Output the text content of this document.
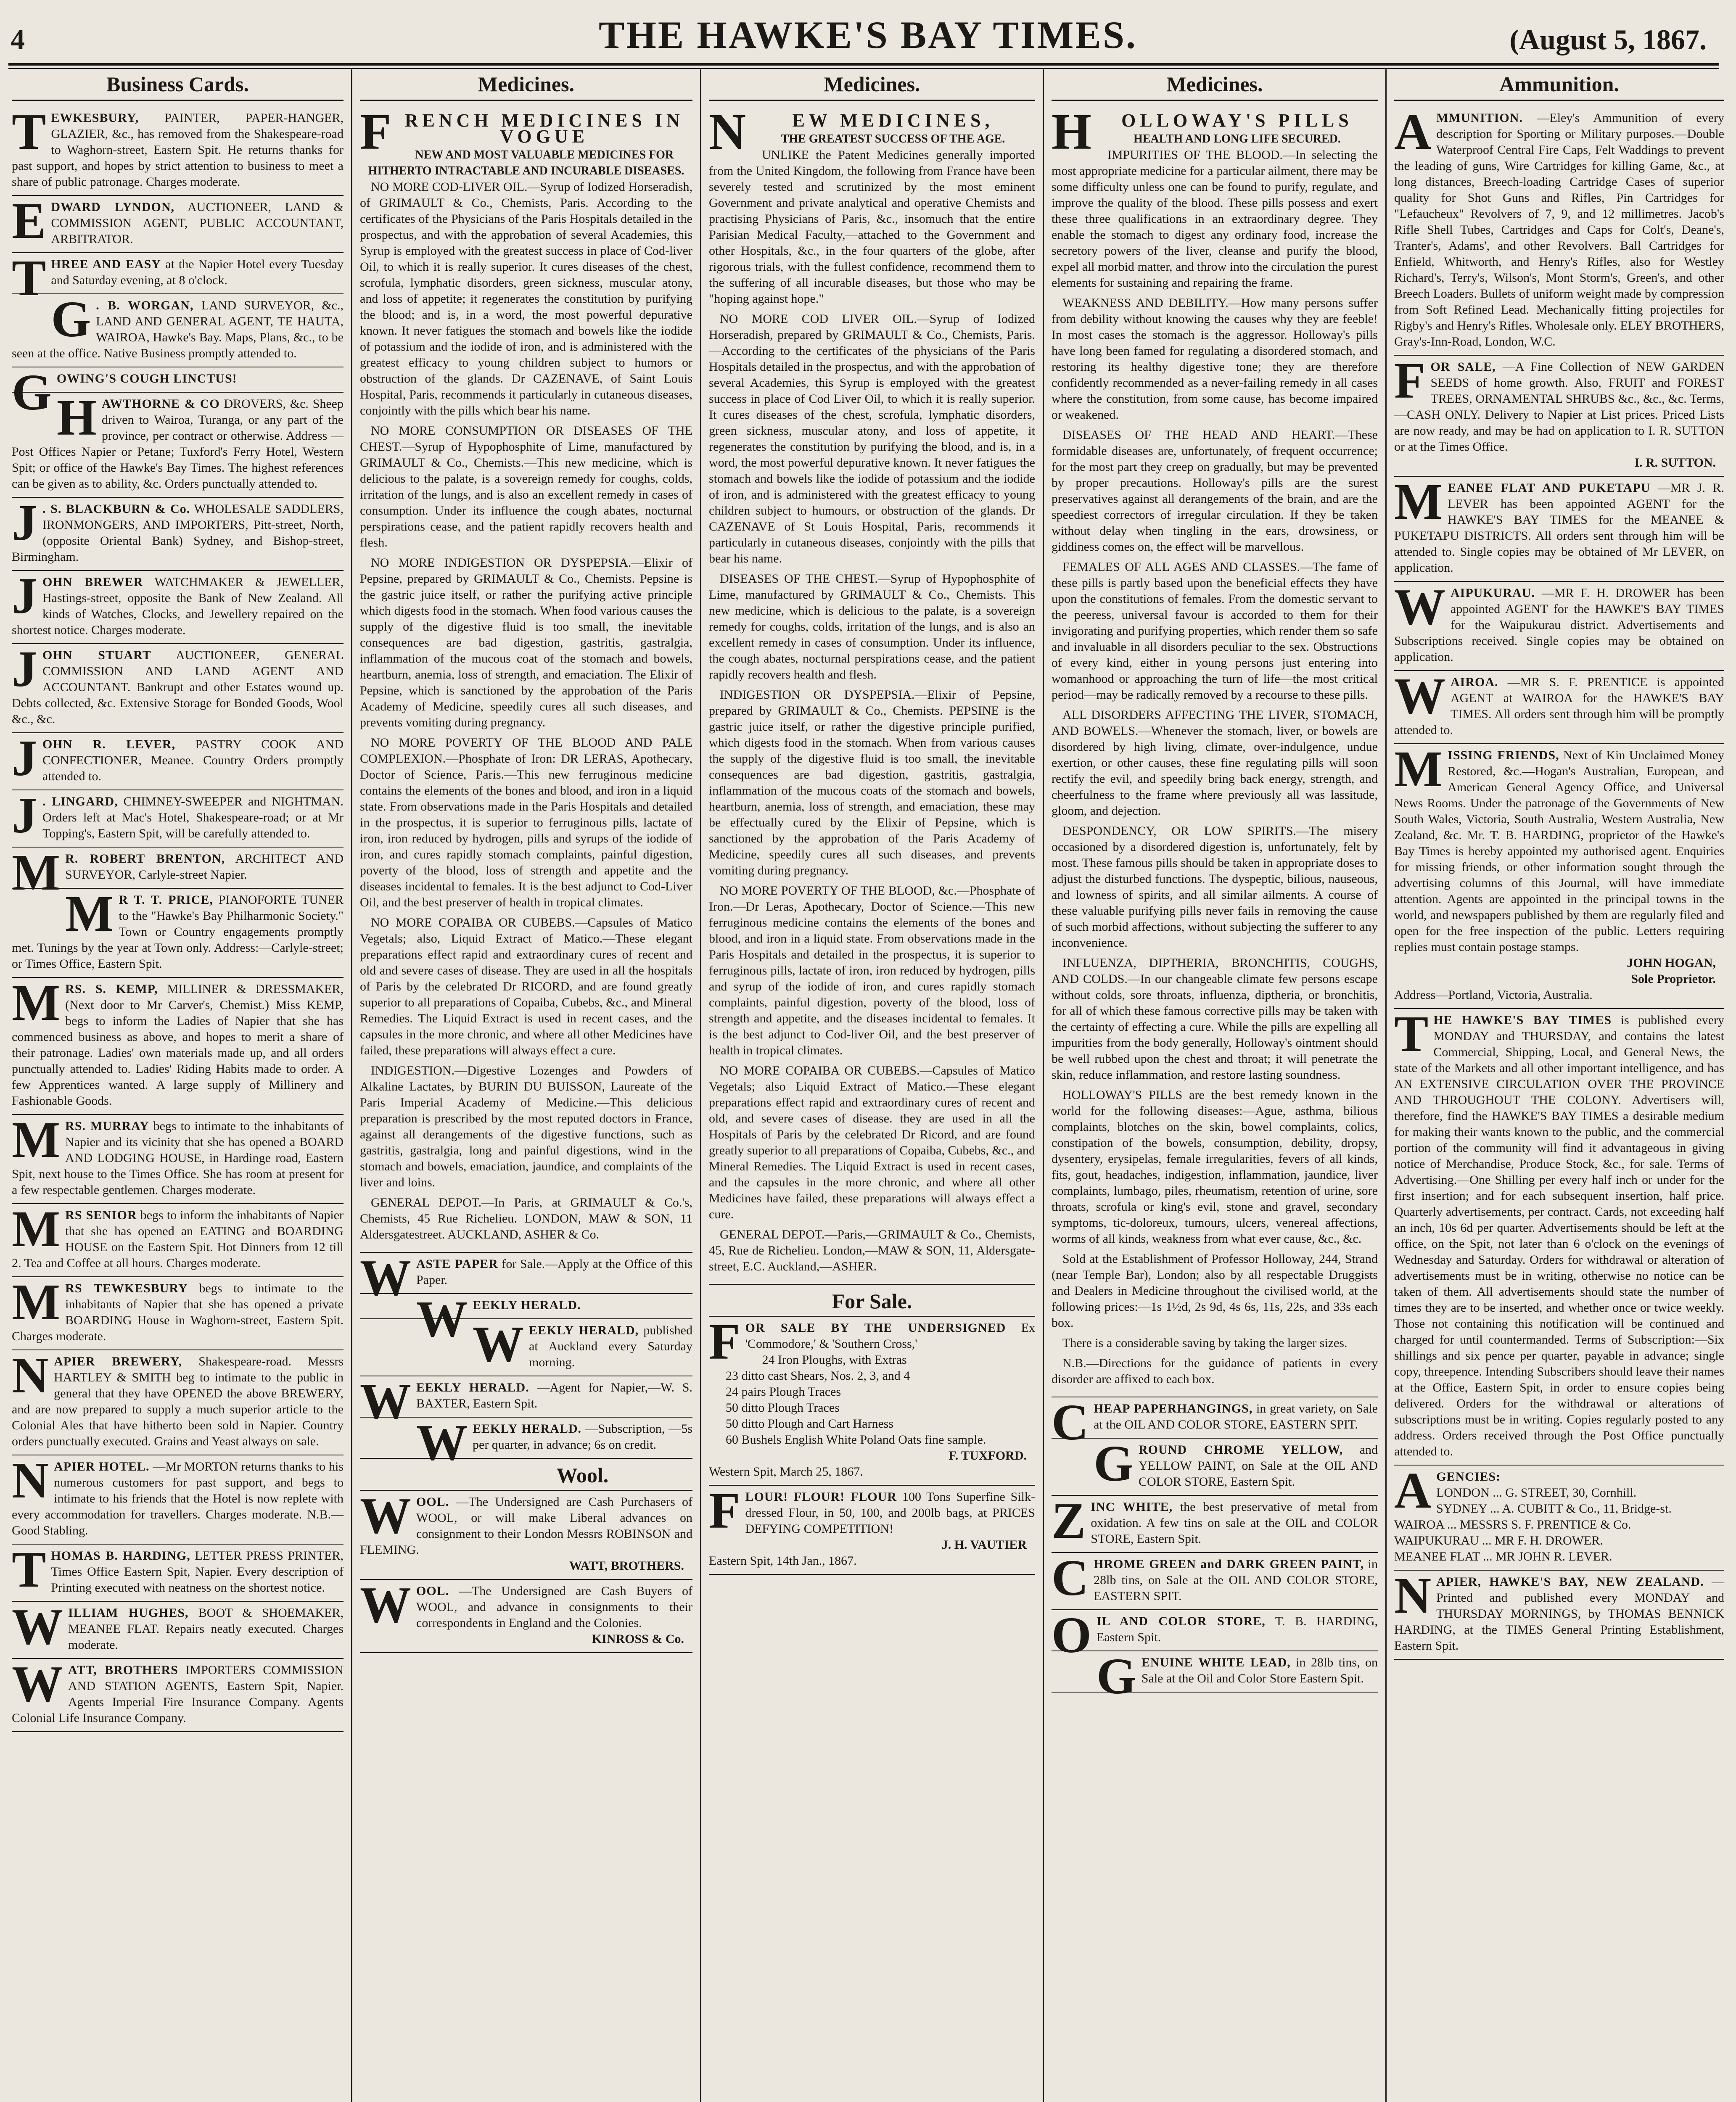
4	THE HAWKE'S BAY TIMES.	(August 5, 1867.
Business Cards.
TEWKESBURY, PAINTER, PAPER-HANGER, GLAZIER, &c., has removed from the Shakespeare-road to Waghorn-street, Eastern Spit. He returns thanks for past support, and hopes by strict attention to business to meet a share of public patronage. Charges moderate.
EDWARD LYNDON, AUCTIONEER, LAND & COMMISSION AGENT, PUBLIC ACCOUNTANT, ARBITRATOR.
THREE AND EASY at the Napier Hotel every Tuesday and Saturday evening, at 8 o'clock.
G . B. WORGAN, LAND SURVEYOR, &c., LAND AND GENERAL AGENT, TE HAUTA, WAIROA, Hawke's Bay. Maps, Plans, &c., to be seen at the office. Native Business promptly attended to.
GOWING'S COUGH LINCTUS!
HAWTHORNE & CO DROVERS, &c. Sheep driven to Wairoa, Turanga, or any part of the province, per contract or otherwise. Address —Post Offices Napier or Petane; Tuxford's Ferry Hotel, Western Spit; or office of the Hawke's Bay Times. The highest references can be given as to ability, &c. Orders punctually attended to.
J . S. BLACKBURN & Co. WHOLESALE SADDLERS, IRONMONGERS, AND IMPORTERS, Pitt-street, North, (opposite Oriental Bank) Sydney, and Bishop-street, Birmingham.
JOHN BREWER WATCHMAKER & JEWELLER, Hastings-street, opposite the Bank of New Zealand. All kinds of Watches, Clocks, and Jewellery repaired on the shortest notice. Charges moderate.
JOHN STUART AUCTIONEER, GENERAL COMMISSION AND LAND AGENT AND ACCOUNTANT. Bankrupt and other Estates wound up. Debts collected, &c. Extensive Storage for Bonded Goods, Wool &c., &c.
JOHN R. LEVER, PASTRY COOK AND CONFECTIONER, Meanee. Country Orders promptly attended to.
J . LINGARD, CHIMNEY-SWEEPER and NIGHTMAN. Orders left at Mac's Hotel, Shakespeare-road; or at Mr Topping's, Eastern Spit, will be carefully attended to.
M R. ROBERT BRENTON, ARCHITECT AND SURVEYOR, Carlyle-street Napier.
M R T. T. PRICE, PIANOFORTE TUNER to the "Hawke's Bay Philharmonic Society." Town or Country engagements promptly met. Tunings by the year at Town only. Address:—Carlyle-street; or Times Office, Eastern Spit.
MRS. S. KEMP, MILLINER & DRESSMAKER, (Next door to Mr Carver's, Chemist.) Miss KEMP, begs to inform the Ladies of Napier that she has commenced business as above, and hopes to merit a share of their patronage. Ladies' own materials made up, and all orders punctually attended to. Ladies' Riding Habits made to order. A few Apprentices wanted. A large supply of Millinery and Fashionable Goods.
MRS. MURRAY begs to intimate to the inhabitants of Napier and its vicinity that she has opened a BOARD AND LODGING HOUSE, in Hardinge road, Eastern Spit, next house to the Times Office. She has room at present for a few respectable gentlemen. Charges moderate.
MRS SENIOR begs to inform the inhabitants of Napier that she has opened an EATING and BOARDING HOUSE on the Eastern Spit. Hot Dinners from 12 till 2. Tea and Coffee at all hours. Charges moderate.
MRS TEWKESBURY begs to intimate to the inhabitants of Napier that she has opened a private BOARDING House in Waghorn-street, Eastern Spit. Charges moderate.
NAPIER BREWERY, Shakespeare-road. Messrs HARTLEY & SMITH beg to intimate to the public in general that they have OPENED the above BREWERY, and are now prepared to supply a much superior article to the Colonial Ales that have hitherto been sold in Napier. Country orders punctually executed. Grains and Yeast always on sale.
NAPIER HOTEL. —Mr MORTON returns thanks to his numerous customers for past support, and begs to intimate to his friends that the Hotel is now replete with every accommodation for travellers. Charges moderate. N.B.—Good Stabling.
THOMAS B. HARDING, LETTER PRESS PRINTER, Times Office Eastern Spit, Napier. Every description of Printing executed with neatness on the shortest notice.
WILLIAM HUGHES, BOOT & SHOEMAKER, MEANEE FLAT. Repairs neatly executed. Charges moderate.
WATT, BROTHERS IMPORTERS COMMISSION AND STATION AGENTS, Eastern Spit, Napier. Agents Imperial Fire Insurance Company. Agents Colonial Life Insurance Company.
Medicines.
F RENCH MEDICINES IN VOGUE
NEW AND MOST VALUABLE MEDICINES FOR HITHERTO INTRACTABLE AND INCURABLE DISEASES.

NO MORE COD-LIVER OIL.—Syrup of Iodized Horseradish, of GRIMAULT & Co., Chemists, Paris. According to the certificates of the Physicians of the Paris Hospitals detailed in the prospectus, and with the approbation of several Academies, this Syrup is employed with the greatest success in place of Cod-liver Oil, to which it is really superior. It cures diseases of the chest, scrofula, lymphatic disorders, green sickness, muscular atony, and loss of appetite; it regenerates the constitution by purifying the blood; and is, in a word, the most powerful depurative known. It never fatigues the stomach and bowels like the iodide of potassium and the iodide of iron, and is administered with the greatest efficacy to young children subject to humors or obstruction of the glands. Dr CAZENAVE, of Saint Louis Hospital, Paris, recommends it particularly in cutaneous diseases, conjointly with the pills which bear his name.

NO MORE CONSUMPTION OR DISEASES OF THE CHEST.—Syrup of Hypophosphite of Lime, manufactured by GRIMAULT & Co., Chemists.—This new medicine, which is delicious to the palate, is a sovereign remedy for coughs, colds, irritation of the lungs, and is also an excellent remedy in cases of consumption. Under its influence the cough abates, nocturnal perspirations cease, and the patient rapidly recovers health and flesh.

NO MORE INDIGESTION OR DYSPEPSIA.—Elixir of Pepsine, prepared by GRIMAULT & Co., Chemists. Pepsine is the gastric juice itself, or rather the purifying active principle which digests food in the stomach. When food various causes the supply of the digestive fluid is too small, the inevitable consequences are bad digestion, gastritis, gastralgia, inflammation of the mucous coat of the stomach and bowels, heartburn, anemia, loss of strength, and emaciation. The Elixir of Pepsine, which is sanctioned by the approbation of the Paris Academy of Medicine, speedily cures all such diseases, and prevents vomiting during pregnancy.

NO MORE POVERTY OF THE BLOOD AND PALE COMPLEXION.—Phosphate of Iron: DR LERAS, Apothecary, Doctor of Science, Paris.—This new ferruginous medicine contains the elements of the bones and blood, and iron in a liquid state. From observations made in the Paris Hospitals and detailed in the prospectus, it is superior to ferruginous pills, lactate of iron, iron reduced by hydrogen, pills and syrups of the iodide of iron, and cures rapidly stomach complaints, painful digestion, poverty of the blood, loss of strength and appetite and the diseases incidental to females. It is the best adjunct to Cod-Liver Oil, and the best preserver of health in tropical climates.

NO MORE COPAIBA OR CUBEBS.—Capsules of Matico Vegetals; also, Liquid Extract of Matico.—These elegant preparations effect rapid and extraordinary cures of recent and old and severe cases of disease. They are used in all the hospitals of Paris by the celebrated Dr RICORD, and are found greatly superior to all preparations of Copaiba, Cubebs, &c., and Mineral Remedies. The Liquid Extract is used in recent cases, and the capsules in the more chronic, and where all other Medicines have failed, these preparations will always effect a cure.

INDIGESTION.—Digestive Lozenges and Powders of Alkaline Lactates, by BURIN DU BUISSON, Laureate of the Paris Imperial Academy of Medicine.—This delicious preparation is prescribed by the most reputed doctors in France, against all derangements of the digestive functions, such as gastritis, gastralgia, long and painful digestions, wind in the stomach and bowels, emaciation, jaundice, and complaints of the liver and loins.

GENERAL DEPOT.—In Paris, at GRIMAULT & Co.'s, Chemists, 45 Rue Richelieu. LONDON, MAW & SON, 11 Aldersgatestreet. AUCKLAND, ASHER & Co.

WASTE PAPER for Sale.—Apply at the Office of this Paper.
WEEKLY HERALD.
WEEKLY HERALD, published at Auckland every Saturday morning.
WEEKLY HERALD. —Agent for Napier,—W. S. BAXTER, Eastern Spit.
WEEKLY HERALD. —Subscription, —5s per quarter, in advance; 6s on credit.
Wool.
WOOL. —The Undersigned are Cash Purchasers of WOOL, or will make Liberal advances on consignment to their London Messrs ROBINSON and FLEMING.
WATT, BROTHERS.
WOOL. —The Undersigned are Cash Buyers of WOOL, and advance in consignments to their correspondents in England and the Colonies.
KINROSS & Co.
Medicines.
N	EW MEDICINES,
THE GREATEST SUCCESS OF THE AGE.

UNLIKE the Patent Medicines generally imported from the United Kingdom, the following from France have been severely tested and scrutinized by the most eminent Government and private analytical and operative Chemists and practising Physicians of Paris, &c., insomuch that the entire Parisian Medical Faculty,—attached to the Government and other Hospitals, &c., in the four quarters of the globe, after rigorous trials, with the fullest confidence, recommend them to the suffering of all incurable diseases, but those who may be "hoping against hope."

NO MORE COD LIVER OIL.—Syrup of Iodized Horseradish, prepared by GRIMAULT & Co., Chemists, Paris.—According to the certificates of the physicians of the Paris Hospitals detailed in the prospectus, and with the approbation of several Academies, this Syrup is employed with the greatest success in place of Cod Liver Oil, to which it is really superior. It cures diseases of the chest, scrofula, lymphatic disorders, green sickness, muscular atony, and loss of appetite, it regenerates the constitution by purifying the blood, and is, in a word, the most powerful depurative known. It never fatigues the stomach and bowels like the iodide of potassium and the iodide of iron, and is administered with the greatest efficacy to young children subject to humours, or obstruction of the glands. Dr CAZENAVE of St Louis Hospital, Paris, recommends it particularly in cutaneous diseases, conjointly with the pills that bear his name.

DISEASES OF THE CHEST.—Syrup of Hypophosphite of Lime, manufactured by GRIMAULT & Co., Chemists. This new medicine, which is delicious to the palate, is a sovereign remedy for coughs, colds, irritation of the lungs, and is also an excellent remedy in cases of consumption. Under its influence, the cough abates, nocturnal perspirations cease, and the patient rapidly recovers health and flesh.

INDIGESTION OR DYSPEPSIA.—Elixir of Pepsine, prepared by GRIMAULT & Co., Chemists. PEPSINE is the gastric juice itself, or rather the digestive principle purified, which digests food in the stomach. When from various causes the supply of the digestive fluid is too small, the inevitable consequences are bad digestion, gastritis, gastralgia, inflammation of the mucous coats of the stomach and bowels, heartburn, anemia, loss of strength, and emaciation, these may be effectually cured by the Elixir of Pepsine, which is sanctioned by the approbation of the Paris Academy of Medicine, speedily cures all such diseases, and prevents vomiting during pregnancy.

NO MORE POVERTY OF THE BLOOD, &c.—Phosphate of Iron.—Dr Leras, Apothecary, Doctor of Science.—This new ferruginous medicine contains the elements of the bones and blood, and iron in a liquid state. From observations made in the Paris Hospitals and detailed in the prospectus, it is superior to ferruginous pills, lactate of iron, iron reduced by hydrogen, pills and syrup of the iodide of iron, and cures rapidly stomach complaints, painful digestion, poverty of the blood, loss of strength and appetite, and the diseases incidental to females. It is the best adjunct to Cod-liver Oil, and the best preserver of health in tropical climates.

NO MORE COPAIBA OR CUBEBS.—Capsules of Matico Vegetals; also Liquid Extract of Matico.—These elegant preparations effect rapid and extraordinary cures of recent and old, and severe cases of disease. they are used in all the Hospitals of Paris by the celebrated Dr Ricord, and are found greatly superior to all preparations of Copaiba, Cubebs, &c., and Mineral Remedies. The Liquid Extract is used in recent cases, and the capsules in the more chronic, and where all other Medicines have failed, these preparations will always effect a cure.

GENERAL DEPOT.—Paris,—GRIMAULT & Co., Chemists, 45, Rue de Richelieu. London,—MAW & SON, 11, Aldersgate-street, E.C. Auckland,—ASHER.

For Sale.
FOR SALE BY THE UNDERSIGNED Ex 'Commodore,' & 'Southern Cross,'
24 Iron Ploughs, with Extras
23 ditto cast Shears, Nos. 2, 3, and 4
24 pairs Plough Traces
50 ditto Plough Traces
50 ditto Plough and Cart Harness
60 Bushels English White Poland Oats fine sample.
F. TUXFORD.
Western Spit, March 25, 1867.
FLOUR! FLOUR! FLOUR 100 Tons Superfine Silk-dressed Flour, in 50, 100, and 200lb bags, at PRICES DEFYING COMPETITION!
J. H. VAUTIER
Eastern Spit, 14th Jan., 1867.
Medicines.
H	OLLOWAY'S PILLS
HEALTH AND LONG LIFE SECURED.

IMPURITIES OF THE BLOOD.—In selecting the most appropriate medicine for a particular ailment, there may be some difficulty unless one can be found to purify, regulate, and improve the quality of the blood. These pills possess and exert these three qualifications in an extraordinary degree. They enable the stomach to digest any ordinary food, increase the secretory powers of the liver, cleanse and purify the blood, expel all morbid matter, and throw into the circulation the purest elements for sustaining and repairing the frame.

WEAKNESS AND DEBILITY.—How many persons suffer from debility without knowing the causes why they are feeble! In most cases the stomach is the aggressor. Holloway's pills have long been famed for regulating a disordered stomach, and restoring its healthy digestive tone; they are therefore confidently recommended as a never-failing remedy in all cases where the constitution, from some cause, has become impaired or weakened.

DISEASES OF THE HEAD AND HEART.—These formidable diseases are, unfortunately, of frequent occurrence; for the most part they creep on gradually, but may be prevented by proper precautions. Holloway's pills are the surest preservatives against all derangements of the brain, and are the speediest correctors of irregular circulation. If they be taken without delay when tingling in the ears, drowsiness, or giddiness comes on, the effect will be marvellous.

FEMALES OF ALL AGES AND CLASSES.—The fame of these pills is partly based upon the beneficial effects they have upon the constitutions of females. From the domestic servant to the peeress, universal favour is accorded to them for their invigorating and purifying properties, which render them so safe and invaluable in all disorders peculiar to the sex. Obstructions of every kind, either in young persons just entering into womanhood or approaching the turn of life—the most critical period—may be radically removed by a recourse to these pills.

ALL DISORDERS AFFECTING THE LIVER, STOMACH, AND BOWELS.—Whenever the stomach, liver, or bowels are disordered by high living, climate, over-indulgence, undue exertion, or other causes, these fine regulating pills will soon rectify the evil, and speedily bring back energy, strength, and cheerfulness to the frame where previously all was lassitude, gloom, and dejection.

DESPONDENCY, OR LOW SPIRITS.—The misery occasioned by a disordered digestion is, unfortunately, felt by most. These famous pills should be taken in appropriate doses to adjust the disturbed functions. The dyspeptic, bilious, nauseous, and lowness of spirits, and all similar ailments. A course of these valuable purifying pills never fails in removing the cause of such morbid affections, without subjecting the sufferer to any inconvenience.

INFLUENZA, DIPTHERIA, BRONCHITIS, COUGHS, AND COLDS.—In our changeable climate few persons escape without colds, sore throats, influenza, diptheria, or bronchitis, for all of which these famous corrective pills may be taken with the certainty of effecting a cure. While the pills are expelling all impurities from the body generally, Holloway's ointment should be well rubbed upon the chest and throat; it will penetrate the skin, reduce inflammation, and restore lasting soundness.

HOLLOWAY'S PILLS are the best remedy known in the world for the following diseases:—Ague, asthma, bilious complaints, blotches on the skin, bowel complaints, colics, constipation of the bowels, consumption, debility, dropsy, dysentery, erysipelas, female irregularities, fevers of all kinds, fits, gout, headaches, indigestion, inflammation, jaundice, liver complaints, lumbago, piles, rheumatism, retention of urine, sore throats, scrofula or king's evil, stone and gravel, secondary symptoms, tic-doloreux, tumours, ulcers, venereal affections, worms of all kinds, weakness from what ever cause, &c., &c.

Sold at the Establishment of Professor Holloway, 244, Strand (near Temple Bar), London; also by all respectable Druggists and Dealers in Medicine throughout the civilised world, at the following prices:—1s 1½d, 2s 9d, 4s 6s, 11s, 22s, and 33s each box.

There is a considerable saving by taking the larger sizes.

N.B.—Directions for the guidance of patients in every disorder are affixed to each box.

CHEAP PAPERHANGINGS, in great variety, on Sale at the OIL AND COLOR STORE, EASTERN SPIT.
GROUND CHROME YELLOW, and YELLOW PAINT, on Sale at the OIL AND COLOR STORE, Eastern Spit.
ZINC WHITE, the best preservative of metal from oxidation. A few tins on sale at the OIL and COLOR STORE, Eastern Spit.
CHROME GREEN and DARK GREEN PAINT, in 28lb tins, on Sale at the OIL AND COLOR STORE, EASTERN SPIT.
OIL AND COLOR STORE, T. B. HARDING, Eastern Spit.
GENUINE WHITE LEAD, in 28lb tins, on Sale at the Oil and Color Store Eastern Spit.
Ammunition.
AMMUNITION. —Eley's Ammunition of every description for Sporting or Military purposes.—Double Waterproof Central Fire Caps, Felt Waddings to prevent the leading of guns, Wire Cartridges for killing Game, &c., at long distances, Breech-loading Cartridge Cases of superior quality for Shot Guns and Rifles, Pin Cartridges for "Lefaucheux" Revolvers of 7, 9, and 12 millimetres. Jacob's Rifle Shell Tubes, Cartridges and Caps for Colt's, Deane's, Tranter's, Adams', and other Revolvers. Ball Cartridges for Enfield, Whitworth, and Henry's Rifles, also for Westley Richard's, Terry's, Wilson's, Mont Storm's, Green's, and other Breech Loaders. Bullets of uniform weight made by compression from Soft Refined Lead. Mechanically fitting projectiles for Rigby's and Henry's Rifles. Wholesale only. ELEY BROTHERS, Gray's-Inn-Road, London, W.C.
FOR SALE, —A Fine Collection of NEW GARDEN SEEDS of home growth. Also, FRUIT and FOREST TREES, ORNAMENTAL SHRUBS &c., &c., &c. Terms,—CASH ONLY. Delivery to Napier at List prices. Priced Lists are now ready, and may be had on application to I. R. SUTTON or at the Times Office.
I. R. SUTTON.
MEANEE FLAT AND PUKETAPU —MR J. R. LEVER has been appointed AGENT for the HAWKE'S BAY TIMES for the MEANEE & PUKETAPU DISTRICTS. All orders sent through him will be attended to. Single copies may be obtained of Mr LEVER, on application.
WAIPUKURAU. —MR F. H. DROWER has been appointed AGENT for the HAWKE'S BAY TIMES for the Waipukurau district. Advertisements and Subscriptions received. Single copies may be obtained on application.
WAIROA. —MR S. F. PRENTICE is appointed AGENT at WAIROA for the HAWKE'S BAY TIMES. All orders sent through him will be promptly attended to.
MISSING FRIENDS, Next of Kin Unclaimed Money Restored, &c.—Hogan's Australian, European, and American General Agency Office, and Universal News Rooms. Under the patronage of the Governments of New South Wales, Victoria, South Australia, Western Australia, New Zealand, &c. Mr. T. B. HARDING, proprietor of the Hawke's Bay Times is hereby appointed my authorised agent. Enquiries for missing friends, or other information sought through the advertising columns of this Journal, will have immediate attention. Agents are appointed in the principal towns in the world, and newspapers published by them are regularly filed and open for the free inspection of the public. Letters requiring replies must contain postage stamps.
JOHN HOGAN,
Sole Proprietor.
Address—Portland, Victoria, Australia.
THE HAWKE'S BAY TIMES is published every MONDAY and THURSDAY, and contains the latest Commercial, Shipping, Local, and General News, the state of the Markets and all other important intelligence, and has AN EXTENSIVE CIRCULATION OVER THE PROVINCE AND THROUGHOUT THE COLONY. Advertisers will, therefore, find the HAWKE'S BAY TIMES a desirable medium for making their wants known to the public, and the commercial portion of the community will find it advantageous in giving notice of Merchandise, Produce Stock, &c., for sale. Terms of Advertising.—One Shilling per every half inch or under for the first insertion; and for each subsequent insertion, half price. Quarterly advertisements, per contract. Cards, not exceeding half an inch, 10s 6d per quarter. Advertisements should be left at the office, on the Spit, not later than 6 o'clock on the evenings of Wednesday and Saturday. Orders for withdrawal or alteration of advertisements must be in writing, otherwise no notice can be taken of them. All advertisements should state the number of times they are to be inserted, and whether once or twice weekly. Those not containing this notification will be continued and charged for until countermanded. Terms of Subscription:—Six shillings and six pence per quarter, payable in advance; single copy, threepence. Intending Subscribers should leave their names at the Office, Eastern Spit, in order to ensure copies being delivered. Orders for the withdrawal or alterations of subscriptions must be in writing. Copies regularly posted to any address. Orders received through the Post Office punctually attended to.
AGENCIES:
LONDON ... G. STREET, 30, Cornhill.
SYDNEY ... A. CUBITT & Co., 11, Bridge-st.
WAIROA ... MESSRS S. F. PRENTICE & Co.
WAIPUKURAU ... MR F. H. DROWER.
MEANEE FLAT ... MR JOHN R. LEVER.
NAPIER, HAWKE'S BAY, NEW ZEALAND. —Printed and published every MONDAY and THURSDAY MORNINGS, by THOMAS BENNICK HARDING, at the TIMES General Printing Establishment, Eastern Spit.
